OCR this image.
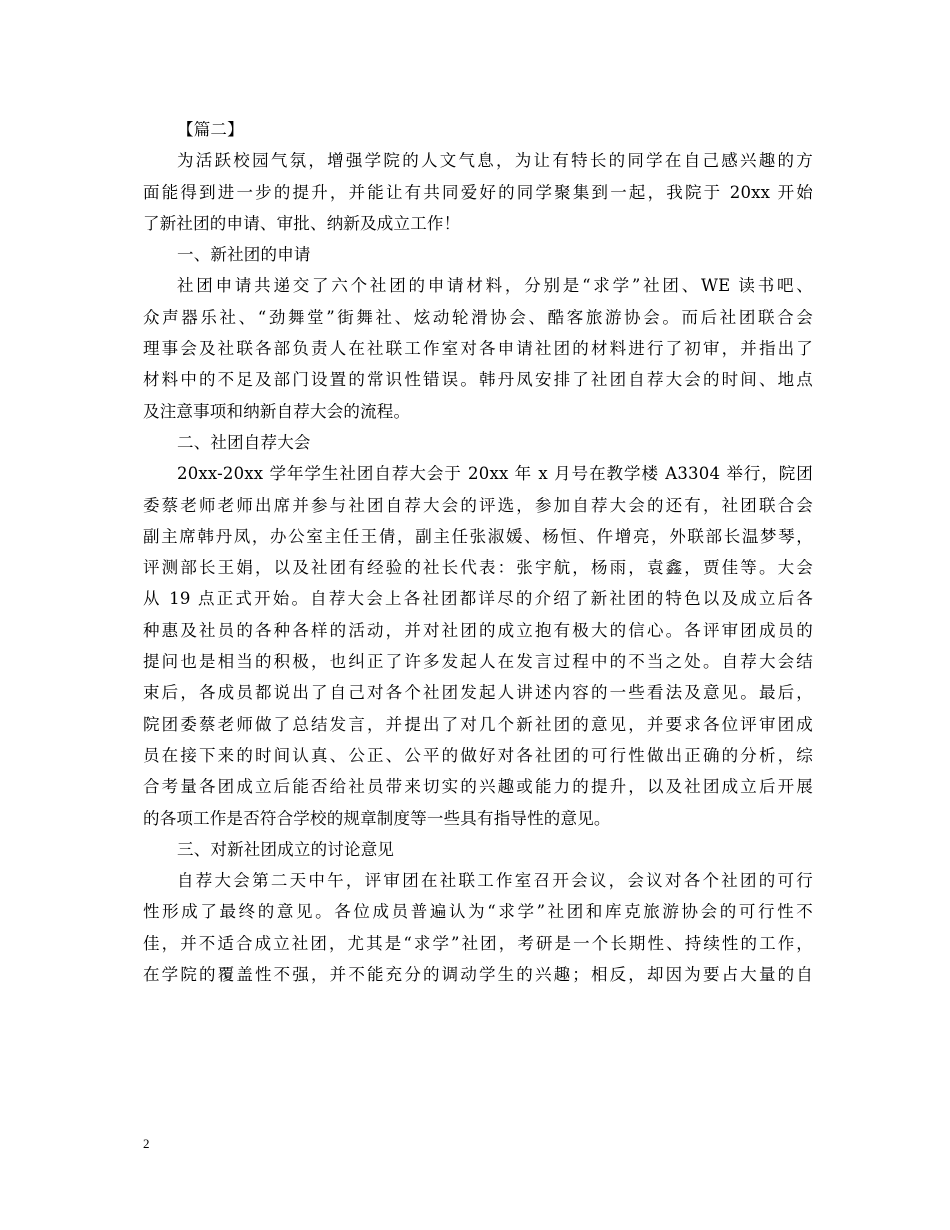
【篇二】
为活跃校园气氛，增强学院的人文气息，为让有特长的同学在自己感兴趣的方
面能得到进一步的提升，并能让有共同爱好的同学聚集到一起，我院于 20xx 开始
了新社团的申请、审批、纳新及成立工作！
一、新社团的申请
社团申请共递交了六个社团的申请材料，分别是“求学”社团、WE 读书吧、
众声器乐社、“劲舞堂”街舞社、炫动轮滑协会、酷客旅游协会。而后社团联合会
理事会及社联各部负责人在社联工作室对各申请社团的材料进行了初审，并指出了
材料中的不足及部门设置的常识性错误。韩丹凤安排了社团自荐大会的时间、地点
及注意事项和纳新自荐大会的流程。
二、社团自荐大会
20xx-20xx 学年学生社团自荐大会于 20xx 年 x 月号在教学楼 A3304 举行，院团
委蔡老师老师出席并参与社团自荐大会的评选，参加自荐大会的还有，社团联合会
副主席韩丹凤，办公室主任王倩，副主任张淑媛、杨恒、仵增亮，外联部长温梦琴，
评测部长王娟，以及社团有经验的社长代表：张宇航，杨雨，袁鑫，贾佳等。大会
从 19 点正式开始。自荐大会上各社团都详尽的介绍了新社团的特色以及成立后各
种惠及社员的各种各样的活动，并对社团的成立抱有极大的信心。各评审团成员的
提问也是相当的积极，也纠正了许多发起人在发言过程中的不当之处。自荐大会结
束后，各成员都说出了自己对各个社团发起人讲述内容的一些看法及意见。最后，
院团委蔡老师做了总结发言，并提出了对几个新社团的意见，并要求各位评审团成
员在接下来的时间认真、公正、公平的做好对各社团的可行性做出正确的分析，综
合考量各团成立后能否给社员带来切实的兴趣或能力的提升，以及社团成立后开展
的各项工作是否符合学校的规章制度等一些具有指导性的意见。
三、对新社团成立的讨论意见
自荐大会第二天中午，评审团在社联工作室召开会议，会议对各个社团的可行
性形成了最终的意见。各位成员普遍认为“求学”社团和库克旅游协会的可行性不
佳，并不适合成立社团，尤其是“求学”社团，考研是一个长期性、持续性的工作，
在学院的覆盖性不强，并不能充分的调动学生的兴趣；相反，却因为要占大量的自
2
